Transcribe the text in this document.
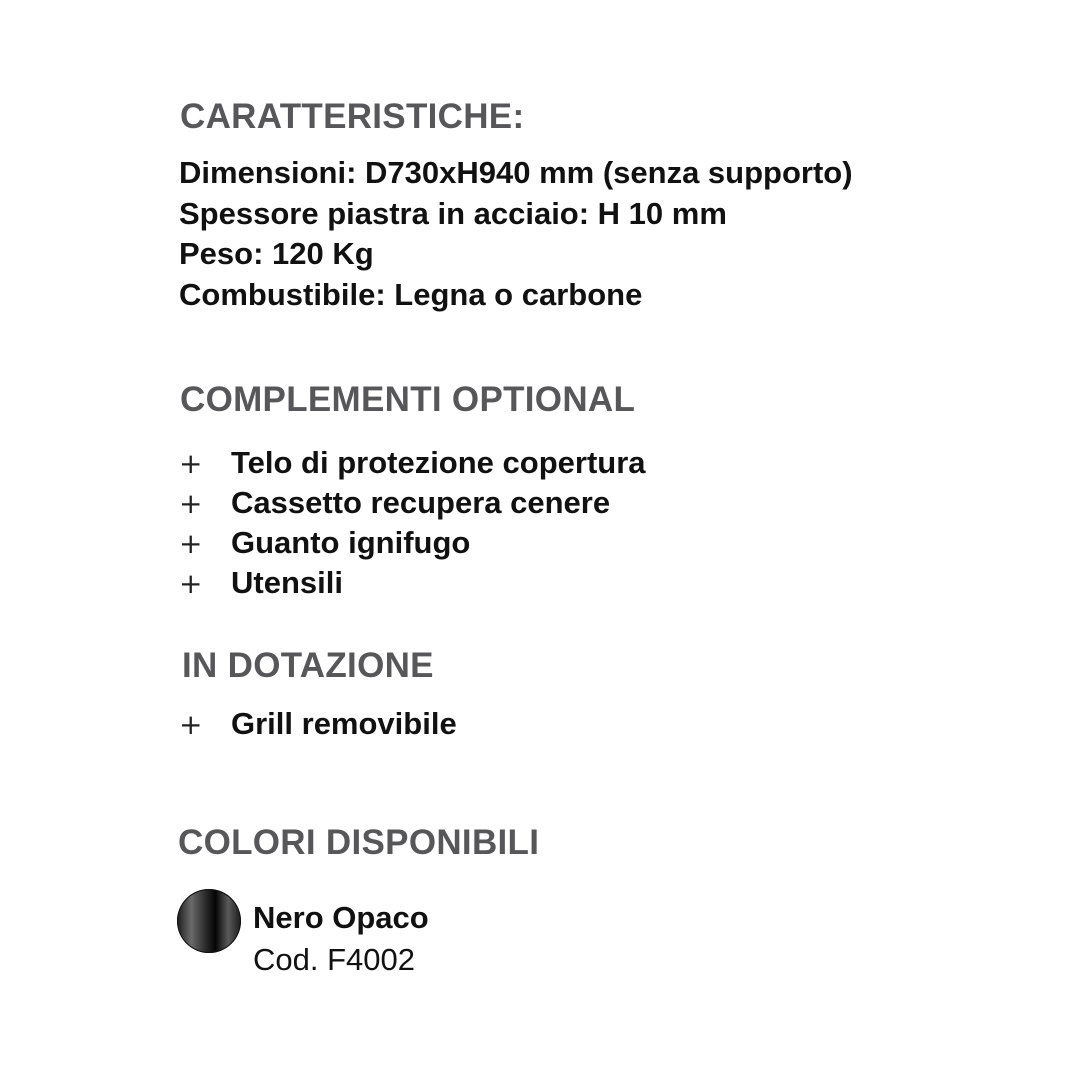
CARATTERISTICHE:
Dimensioni: D730xH940 mm (senza supporto)
Spessore piastra in acciaio: H 10 mm
Peso: 120 Kg
Combustibile: Legna o carbone
COMPLEMENTI OPTIONAL
+ Telo di protezione copertura
+ Cassetto recupera cenere
+ Guanto ignifugo
+ Utensili
IN DOTAZIONE
+ Grill removibile
COLORI DISPONIBILI
Nero Opaco
Cod. F4002
